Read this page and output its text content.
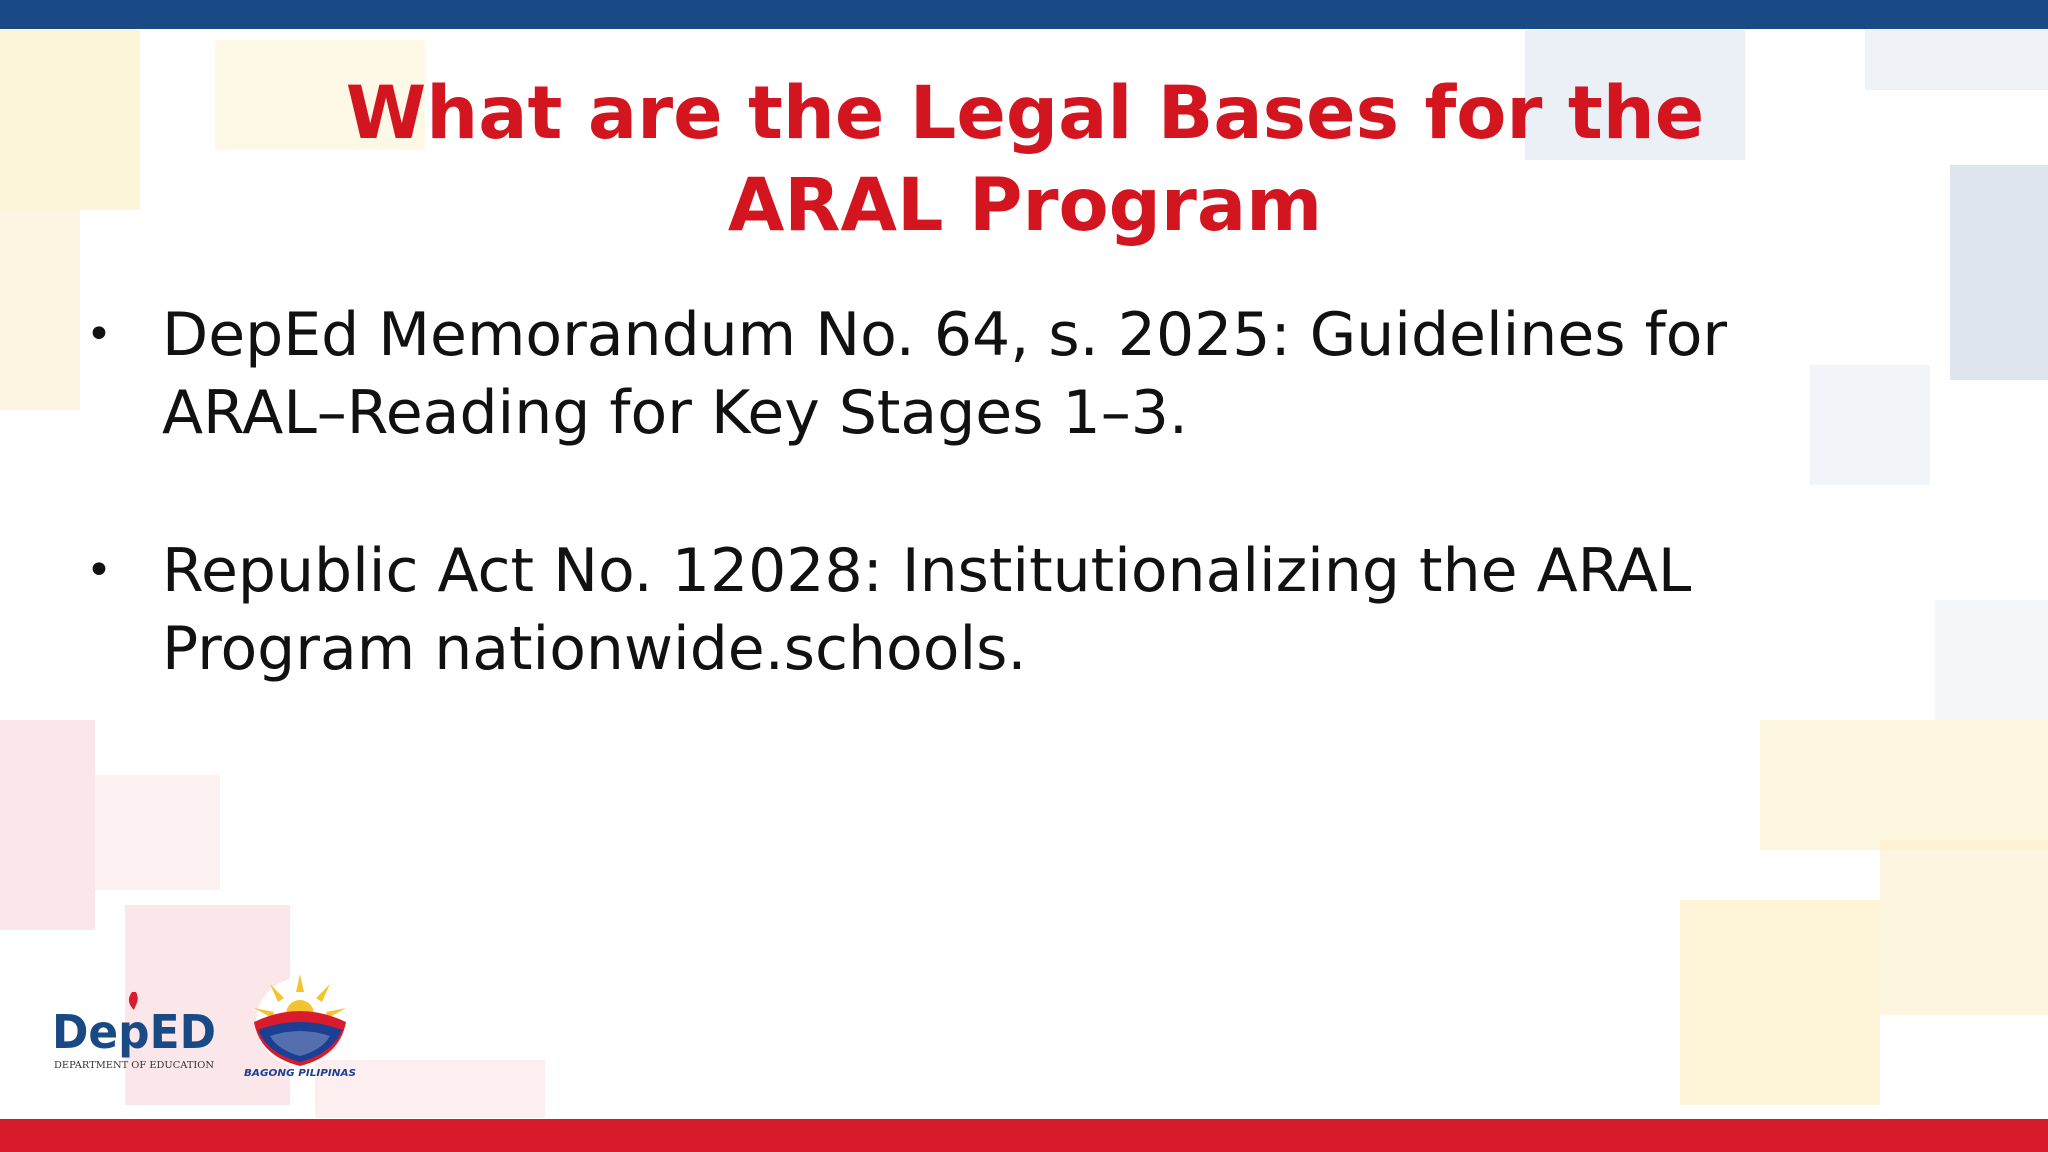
What are the Legal Bases for the
ARAL Program
• DepEd Memorandum No. 64, s. 2025: Guidelines for ARAL–Reading for Key Stages 1–3.
• Republic Act No. 12028: Institutionalizing the ARAL Program nationwide.schools.
DepED
DEPARTMENT OF EDUCATION
BAGONG PILIPINAS
